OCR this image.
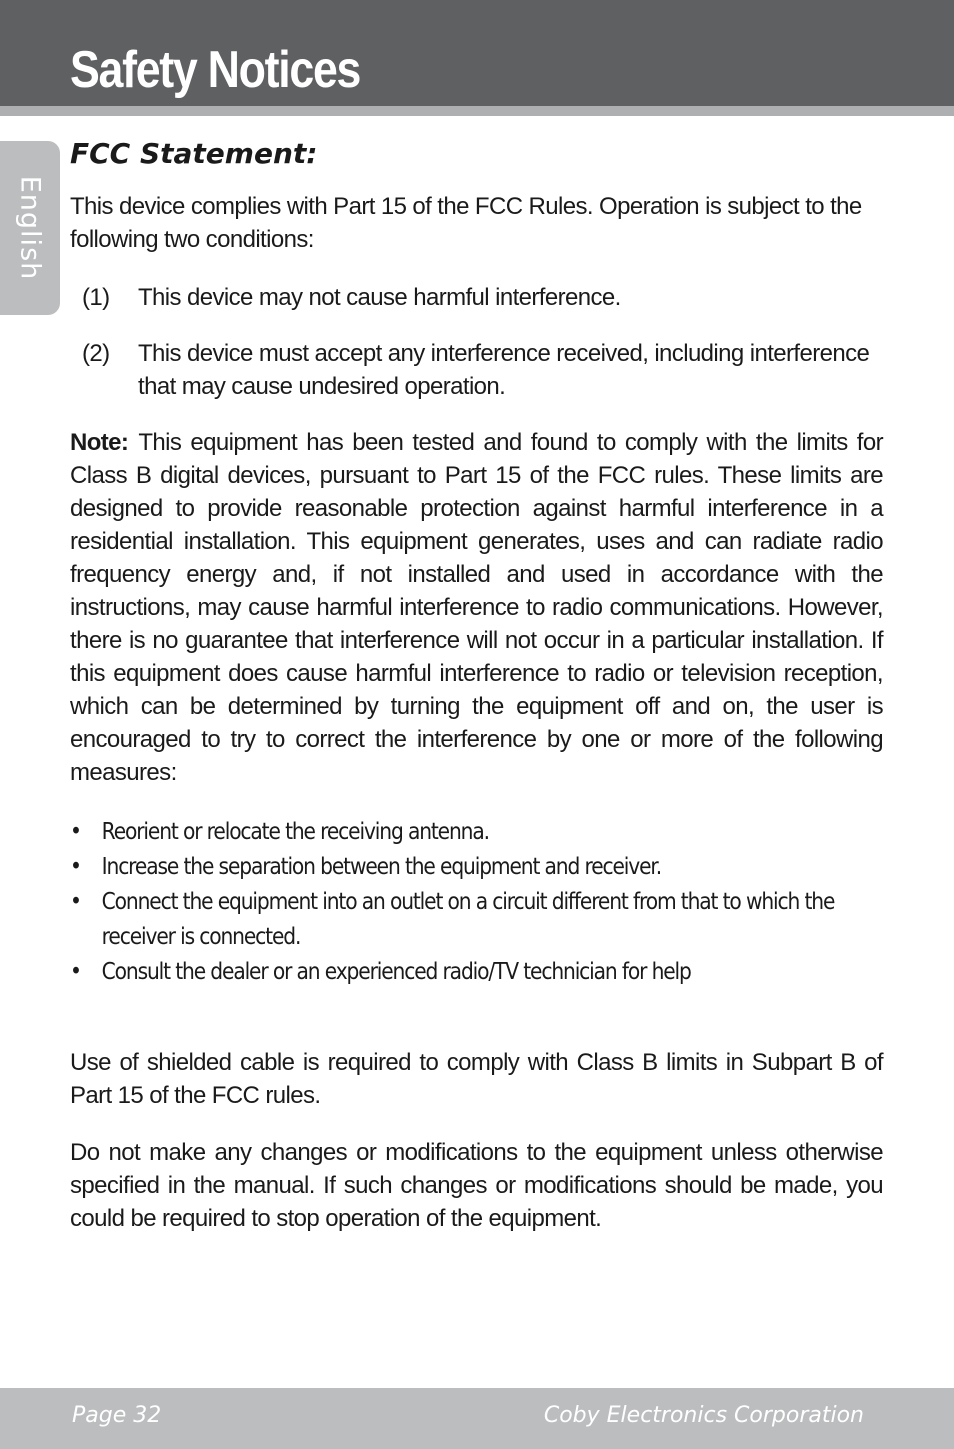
Safety Notices
English
FCC Statement:

This device complies with Part 15 of the FCC Rules. Operation is subject to the following two conditions:

(1) This device may not cause harmful interference.
(2) This device must accept any interference received, including interference that may cause undesired operation.

Note: This equipment has been tested and found to comply with the limits for Class B digital devices, pursuant to Part 15 of the FCC rules. These limits are designed to provide reasonable protection against harmful interference in a residential installation. This equipment generates, uses and can radiate radio frequency energy and, if not installed and used in accordance with the instructions, may cause harmful interference to radio communications. However, there is no guarantee that interference will not occur in a particular installation. If this equipment does cause harmful interference to radio or television reception, which can be determined by turning the equipment off and on, the user is encouraged to try to correct the interference by one or more of the following measures:

• Reorient or relocate the receiving antenna.
• Increase the separation between the equipment and receiver.
• Connect the equipment into an outlet on a circuit different from that to which the receiver is connected.
• Consult the dealer or an experienced radio/TV technician for help

Use of shielded cable is required to comply with Class B limits in Subpart B of Part 15 of the FCC rules.

Do not make any changes or modifications to the equipment unless otherwise specified in the manual. If such changes or modifications should be made, you could be required to stop operation of the equipment.

Page 32	Coby Electronics Corporation
